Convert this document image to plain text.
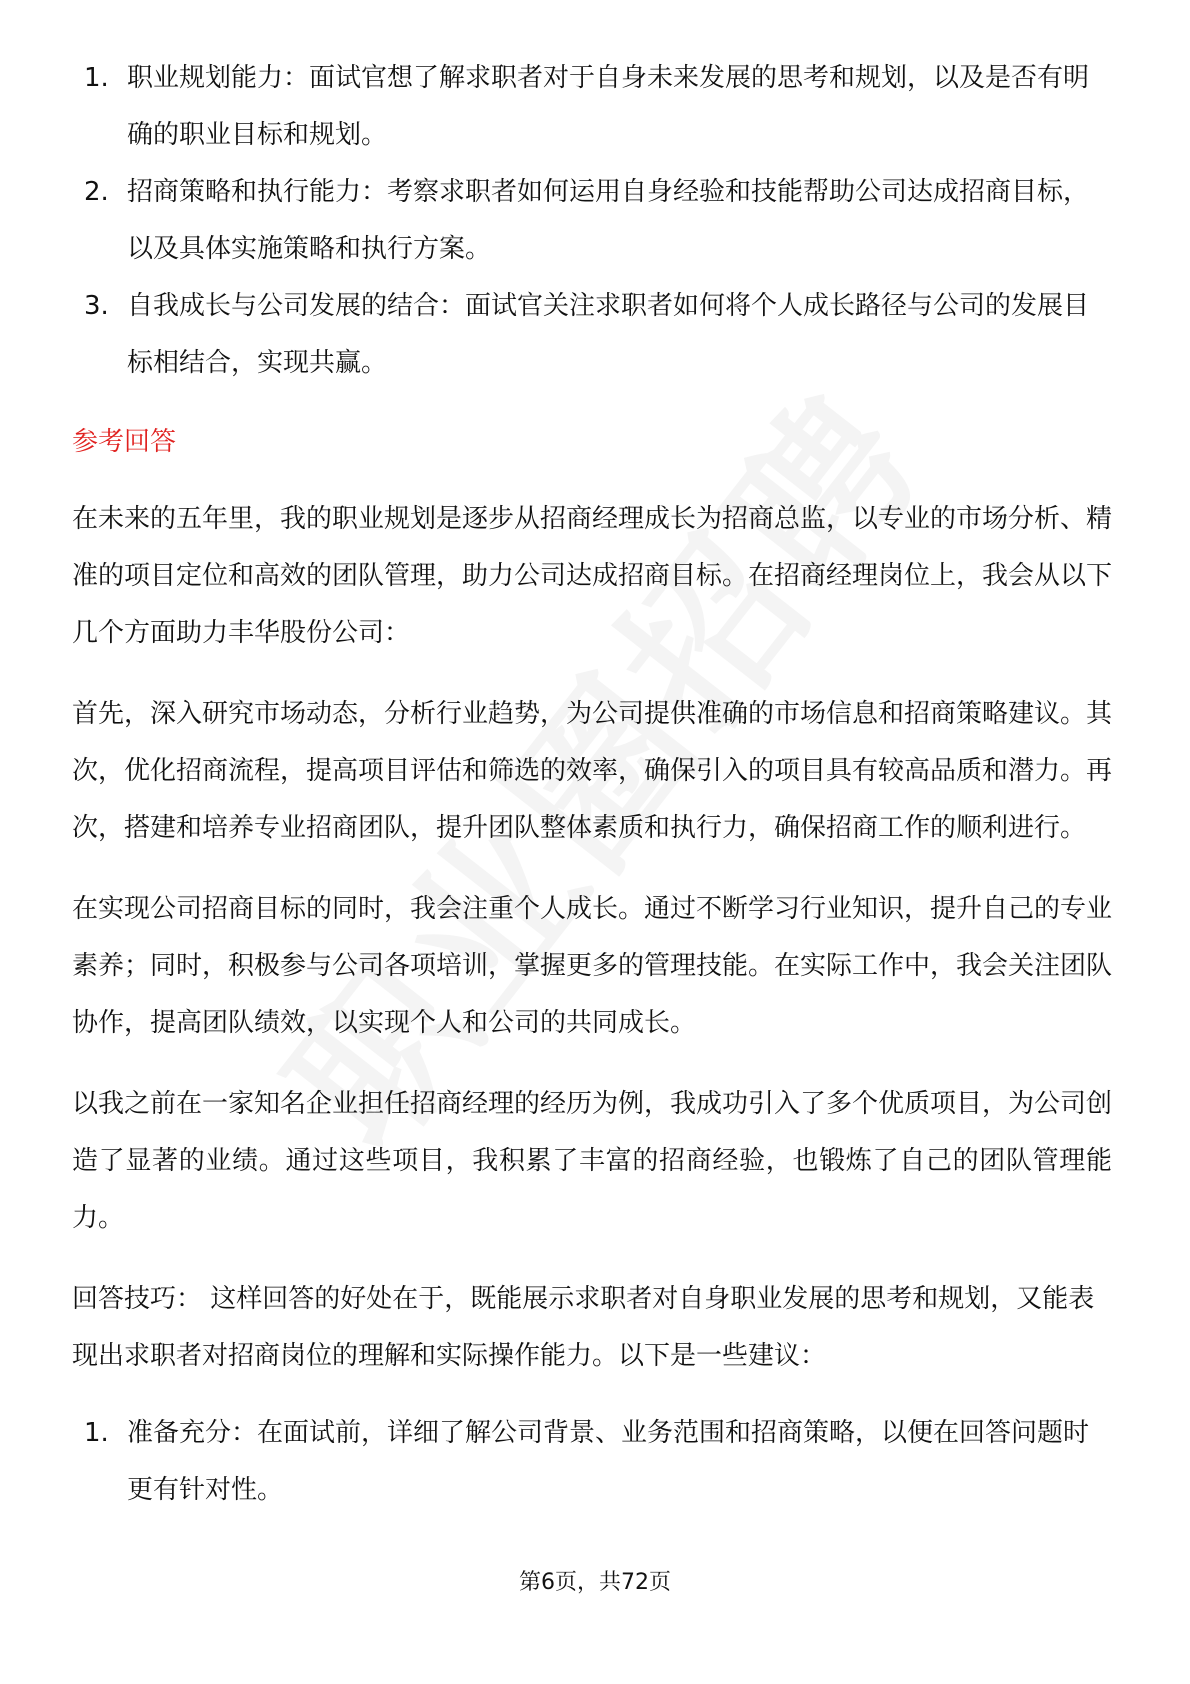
1. 职业规划能力：面试官想了解求职者对于自身未来发展的思考和规划，以及是否有明确的职业目标和规划。
2. 招商策略和执行能力：考察求职者如何运用自身经验和技能帮助公司达成招商目标，以及具体实施策略和执行方案。
3. 自我成长与公司发展的结合：面试官关注求职者如何将个人成长路径与公司的发展目标相结合，实现共赢。
参考回答

在未来的五年里，我的职业规划是逐步从招商经理成长为招商总监，以专业的市场分析、精准的项目定位和高效的团队管理，助力公司达成招商目标。在招商经理岗位上，我会从以下几个方面助力丰华股份公司：

首先，深入研究市场动态，分析行业趋势，为公司提供准确的市场信息和招商策略建议。其次，优化招商流程，提高项目评估和筛选的效率，确保引入的项目具有较高品质和潜力。再次，搭建和培养专业招商团队，提升团队整体素质和执行力，确保招商工作的顺利进行。

在实现公司招商目标的同时，我会注重个人成长。通过不断学习行业知识，提升自己的专业素养；同时，积极参与公司各项培训，掌握更多的管理技能。在实际工作中，我会关注团队协作，提高团队绩效，以实现个人和公司的共同成长。

以我之前在一家知名企业担任招商经理的经历为例，我成功引入了多个优质项目，为公司创造了显著的业绩。通过这些项目，我积累了丰富的招商经验，也锻炼了自己的团队管理能力。

回答技巧： 这样回答的好处在于，既能展示求职者对自身职业发展的思考和规划，又能表现出求职者对招商岗位的理解和实际操作能力。以下是一些建议：

1. 准备充分：在面试前，详细了解公司背景、业务范围和招商策略，以便在回答问题时更有针对性。
第6页，共72页
